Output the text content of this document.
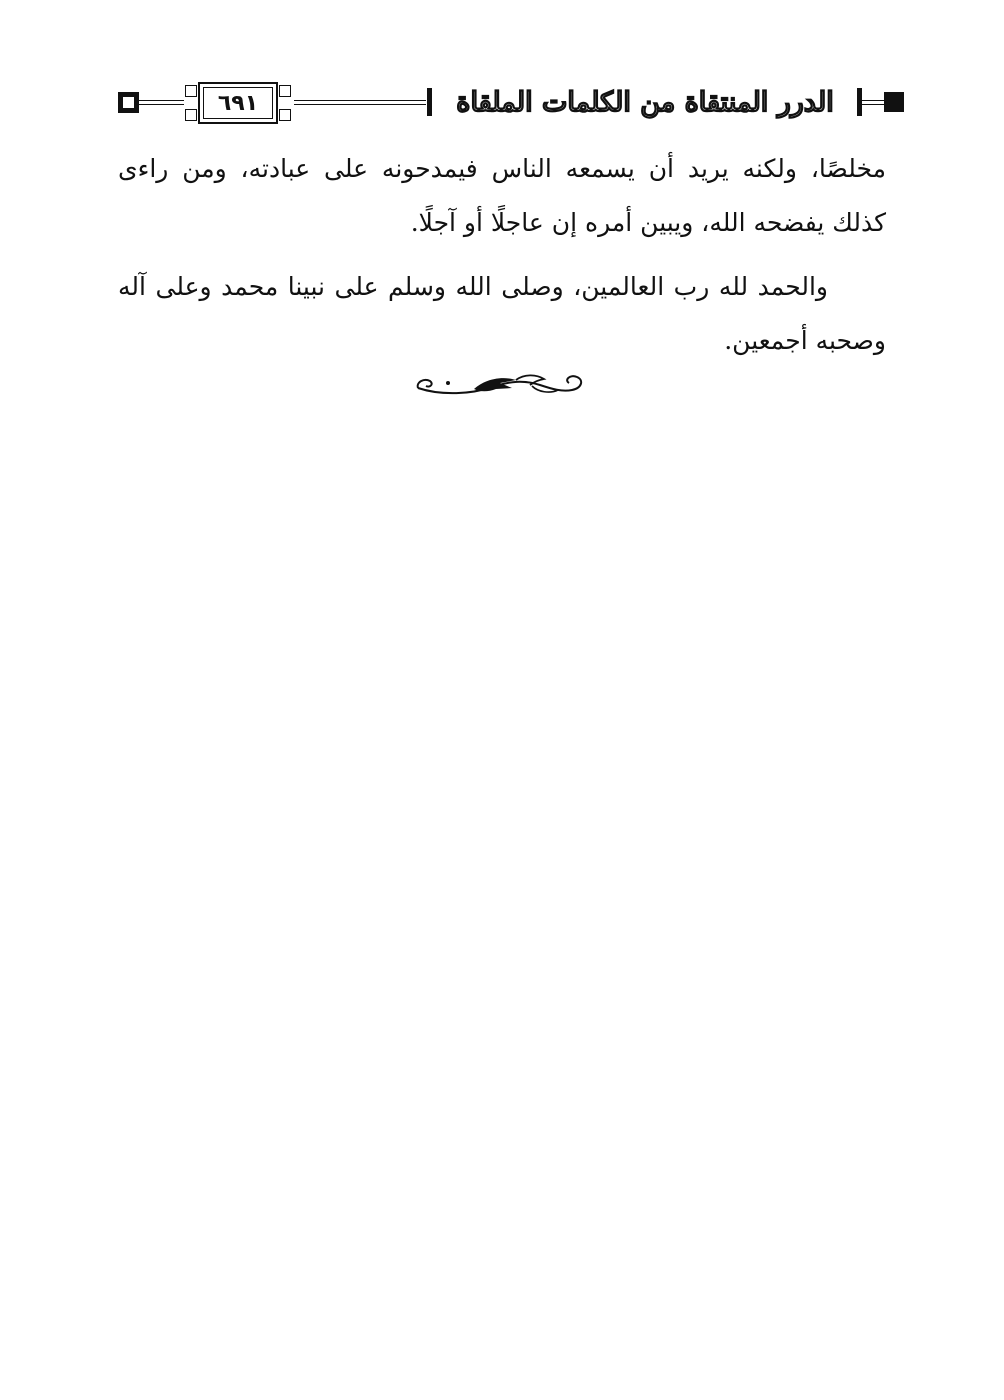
٦٩١	الدرر المنتقاة من الكلمات الملقاة

مخلصًا، ولكنه يريد أن يسمعه الناس فيمدحونه على عبادته، ومن راءى كذلك يفضحه الله، ويبين أمره إن عاجلًا أو آجلًا.

والحمد لله رب العالمين، وصلى الله وسلم على نبينا محمد وعلى آله وصحبه أجمعين.
